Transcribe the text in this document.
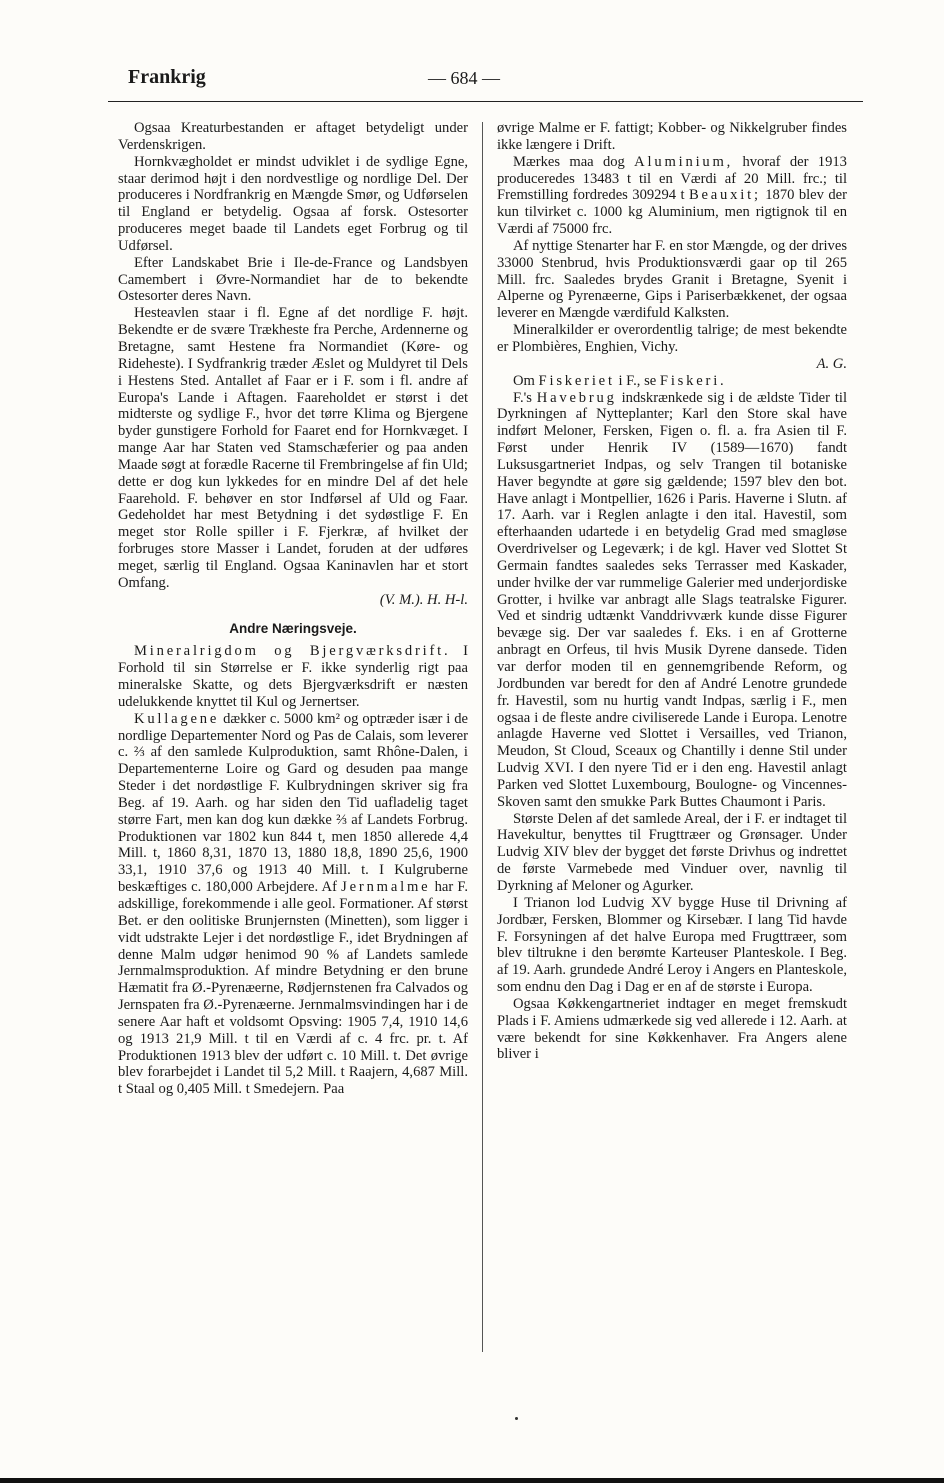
Frankrig	— 684 —

Ogsaa Kreaturbestanden er aftaget betydeligt under Verdenskrigen.

Hornkvægholdet er mindst udviklet i de sydlige Egne, staar derimod højt i den nordvestlige og nordlige Del. Der produceres i Nordfrankrig en Mængde Smør, og Udførselen til England er betydelig. Ogsaa af forsk. Ostesorter produceres meget baade til Landets eget Forbrug og til Udførsel.

Efter Landskabet Brie i Ile-de-France og Landsbyen Camembert i Øvre-Normandiet har de to bekendte Ostesorter deres Navn.

Hesteavlen staar i fl. Egne af det nordlige F. højt. Bekendte er de svære Trækheste fra Perche, Ardennerne og Bretagne, samt Hestene fra Normandiet (Køre- og Rideheste). I Sydfrankrig træder Æslet og Muldyret til Dels i Hestens Sted. Antallet af Faar er i F. som i fl. andre af Europa's Lande i Aftagen. Faareholdet er størst i det midterste og sydlige F., hvor det tørre Klima og Bjergene byder gunstigere Forhold for Faaret end for Hornkvæget. I mange Aar har Staten ved Stamschæferier og paa anden Maade søgt at forædle Racerne til Frembringelse af fin Uld; dette er dog kun lykkedes for en mindre Del af det hele Faarehold. F. behøver en stor Indførsel af Uld og Faar. Gedeholdet har mest Betydning i det sydøstlige F. En meget stor Rolle spiller i F. Fjerkræ, af hvilket der forbruges store Masser i Landet, foruden at der udføres meget, særlig til England. Ogsaa Kaninavlen har et stort Omfang.

(V. M.). H. H-l.
Andre Næringsveje.

Mineralrigdom og Bjergværksdrift. I Forhold til sin Størrelse er F. ikke synderlig rigt paa mineralske Skatte, og dets Bjergværksdrift er næsten udelukkende knyttet til Kul og Jernertser.

Kullagene dækker c. 5000 km² og optræder især i de nordlige Departementer Nord og Pas de Calais, som leverer c. ⅔ af den samlede Kulproduktion, samt Rhône-Dalen, i Departementerne Loire og Gard og desuden paa mange Steder i det nordøstlige F. Kulbrydningen skriver sig fra Beg. af 19. Aarh. og har siden den Tid uafladelig taget større Fart, men kan dog kun dække ⅔ af Landets Forbrug. Produktionen var 1802 kun 844 t, men 1850 allerede 4,4 Mill. t, 1860 8,31, 1870 13, 1880 18,8, 1890 25,6, 1900 33,1, 1910 37,6 og 1913 40 Mill. t. I Kulgruberne beskæftiges c. 180,000 Arbejdere. Af Jernmalme har F. adskillige, forekommende i alle geol. Formationer. Af størst Bet. er den oolitiske Brunjernsten (Minetten), som ligger i vidt udstrakte Lejer i det nordøstlige F., idet Brydningen af denne Malm udgør henimod 90 % af Landets samlede Jernmalmsproduktion. Af mindre Betydning er den brune Hæmatit fra Ø.-Pyrenæerne, Rødjernstenen fra Calvados og Jernspaten fra Ø.-Pyrenæerne. Jernmalmsvindingen har i de senere Aar haft et voldsomt Opsving: 1905 7,4, 1910 14,6 og 1913 21,9 Mill. t til en Værdi af c. 4 frc. pr. t. Af Produktionen 1913 blev der udført c. 10 Mill. t. Det øvrige blev forarbejdet i Landet til 5,2 Mill. t Raajern, 4,687 Mill. t Staal og 0,405 Mill. t Smedejern. Paa

øvrige Malme er F. fattigt; Kobber- og Nikkelgruber findes ikke længere i Drift.

Mærkes maa dog Aluminium, hvoraf der 1913 produceredes 13483 t til en Værdi af 20 Mill. frc.; til Fremstilling fordredes 309294 t Beauxit; 1870 blev der kun tilvirket c. 1000 kg Aluminium, men rigtignok til en Værdi af 75000 frc.

Af nyttige Stenarter har F. en stor Mængde, og der drives 33000 Stenbrud, hvis Produktionsværdi gaar op til 265 Mill. frc. Saaledes brydes Granit i Bretagne, Syenit i Alperne og Pyrenæerne, Gips i Pariserbækkenet, der ogsaa leverer en Mængde værdifuld Kalksten.

Mineralkilder er overordentlig talrige; de mest bekendte er Plombières, Enghien, Vichy.

A. G.

Om Fiskeriet i F., se Fiskeri.

F.'s Havebrug indskrænkede sig i de ældste Tider til Dyrkningen af Nytteplanter; Karl den Store skal have indført Meloner, Fersken, Figen o. fl. a. fra Asien til F. Først under Henrik IV (1589—1670) fandt Luksusgartneriet Indpas, og selv Trangen til botaniske Haver begyndte at gøre sig gældende; 1597 blev den bot. Have anlagt i Montpellier, 1626 i Paris. Haverne i Slutn. af 17. Aarh. var i Reglen anlagte i den ital. Havestil, som efterhaanden udartede i en betydelig Grad med smagløse Overdrivelser og Legeværk; i de kgl. Haver ved Slottet St Germain fandtes saaledes seks Terrasser med Kaskader, under hvilke der var rummelige Galerier med underjordiske Grotter, i hvilke var anbragt alle Slags teatralske Figurer. Ved et sindrig udtænkt Vanddrivværk kunde disse Figurer bevæge sig. Der var saaledes f. Eks. i en af Grotterne anbragt en Orfeus, til hvis Musik Dyrene dansede. Tiden var derfor moden til en gennemgribende Reform, og Jordbunden var beredt for den af André Lenotre grundede fr. Havestil, som nu hurtig vandt Indpas, særlig i F., men ogsaa i de fleste andre civiliserede Lande i Europa. Lenotre anlagde Haverne ved Slottet i Versailles, ved Trianon, Meudon, St Cloud, Sceaux og Chantilly i denne Stil under Ludvig XVI. I den nyere Tid er i den eng. Havestil anlagt Parken ved Slottet Luxembourg, Boulogne- og Vincennes-Skoven samt den smukke Park Buttes Chaumont i Paris.

Største Delen af det samlede Areal, der i F. er indtaget til Havekultur, benyttes til Frugttræer og Grønsager. Under Ludvig XIV blev der bygget det første Drivhus og indrettet de første Varmebede med Vinduer over, navnlig til Dyrkning af Meloner og Agurker.

I Trianon lod Ludvig XV bygge Huse til Drivning af Jordbær, Fersken, Blommer og Kirsebær. I lang Tid havde F. Forsyningen af det halve Europa med Frugttræer, som blev tiltrukne i den berømte Karteuser Planteskole. I Beg. af 19. Aarh. grundede André Leroy i Angers en Planteskole, som endnu den Dag i Dag er en af de største i Europa.

Ogsaa Køkkengartneriet indtager en meget fremskudt Plads i F. Amiens udmærkede sig ved allerede i 12. Aarh. at være bekendt for sine Køkkenhaver. Fra Angers alene bliver i
